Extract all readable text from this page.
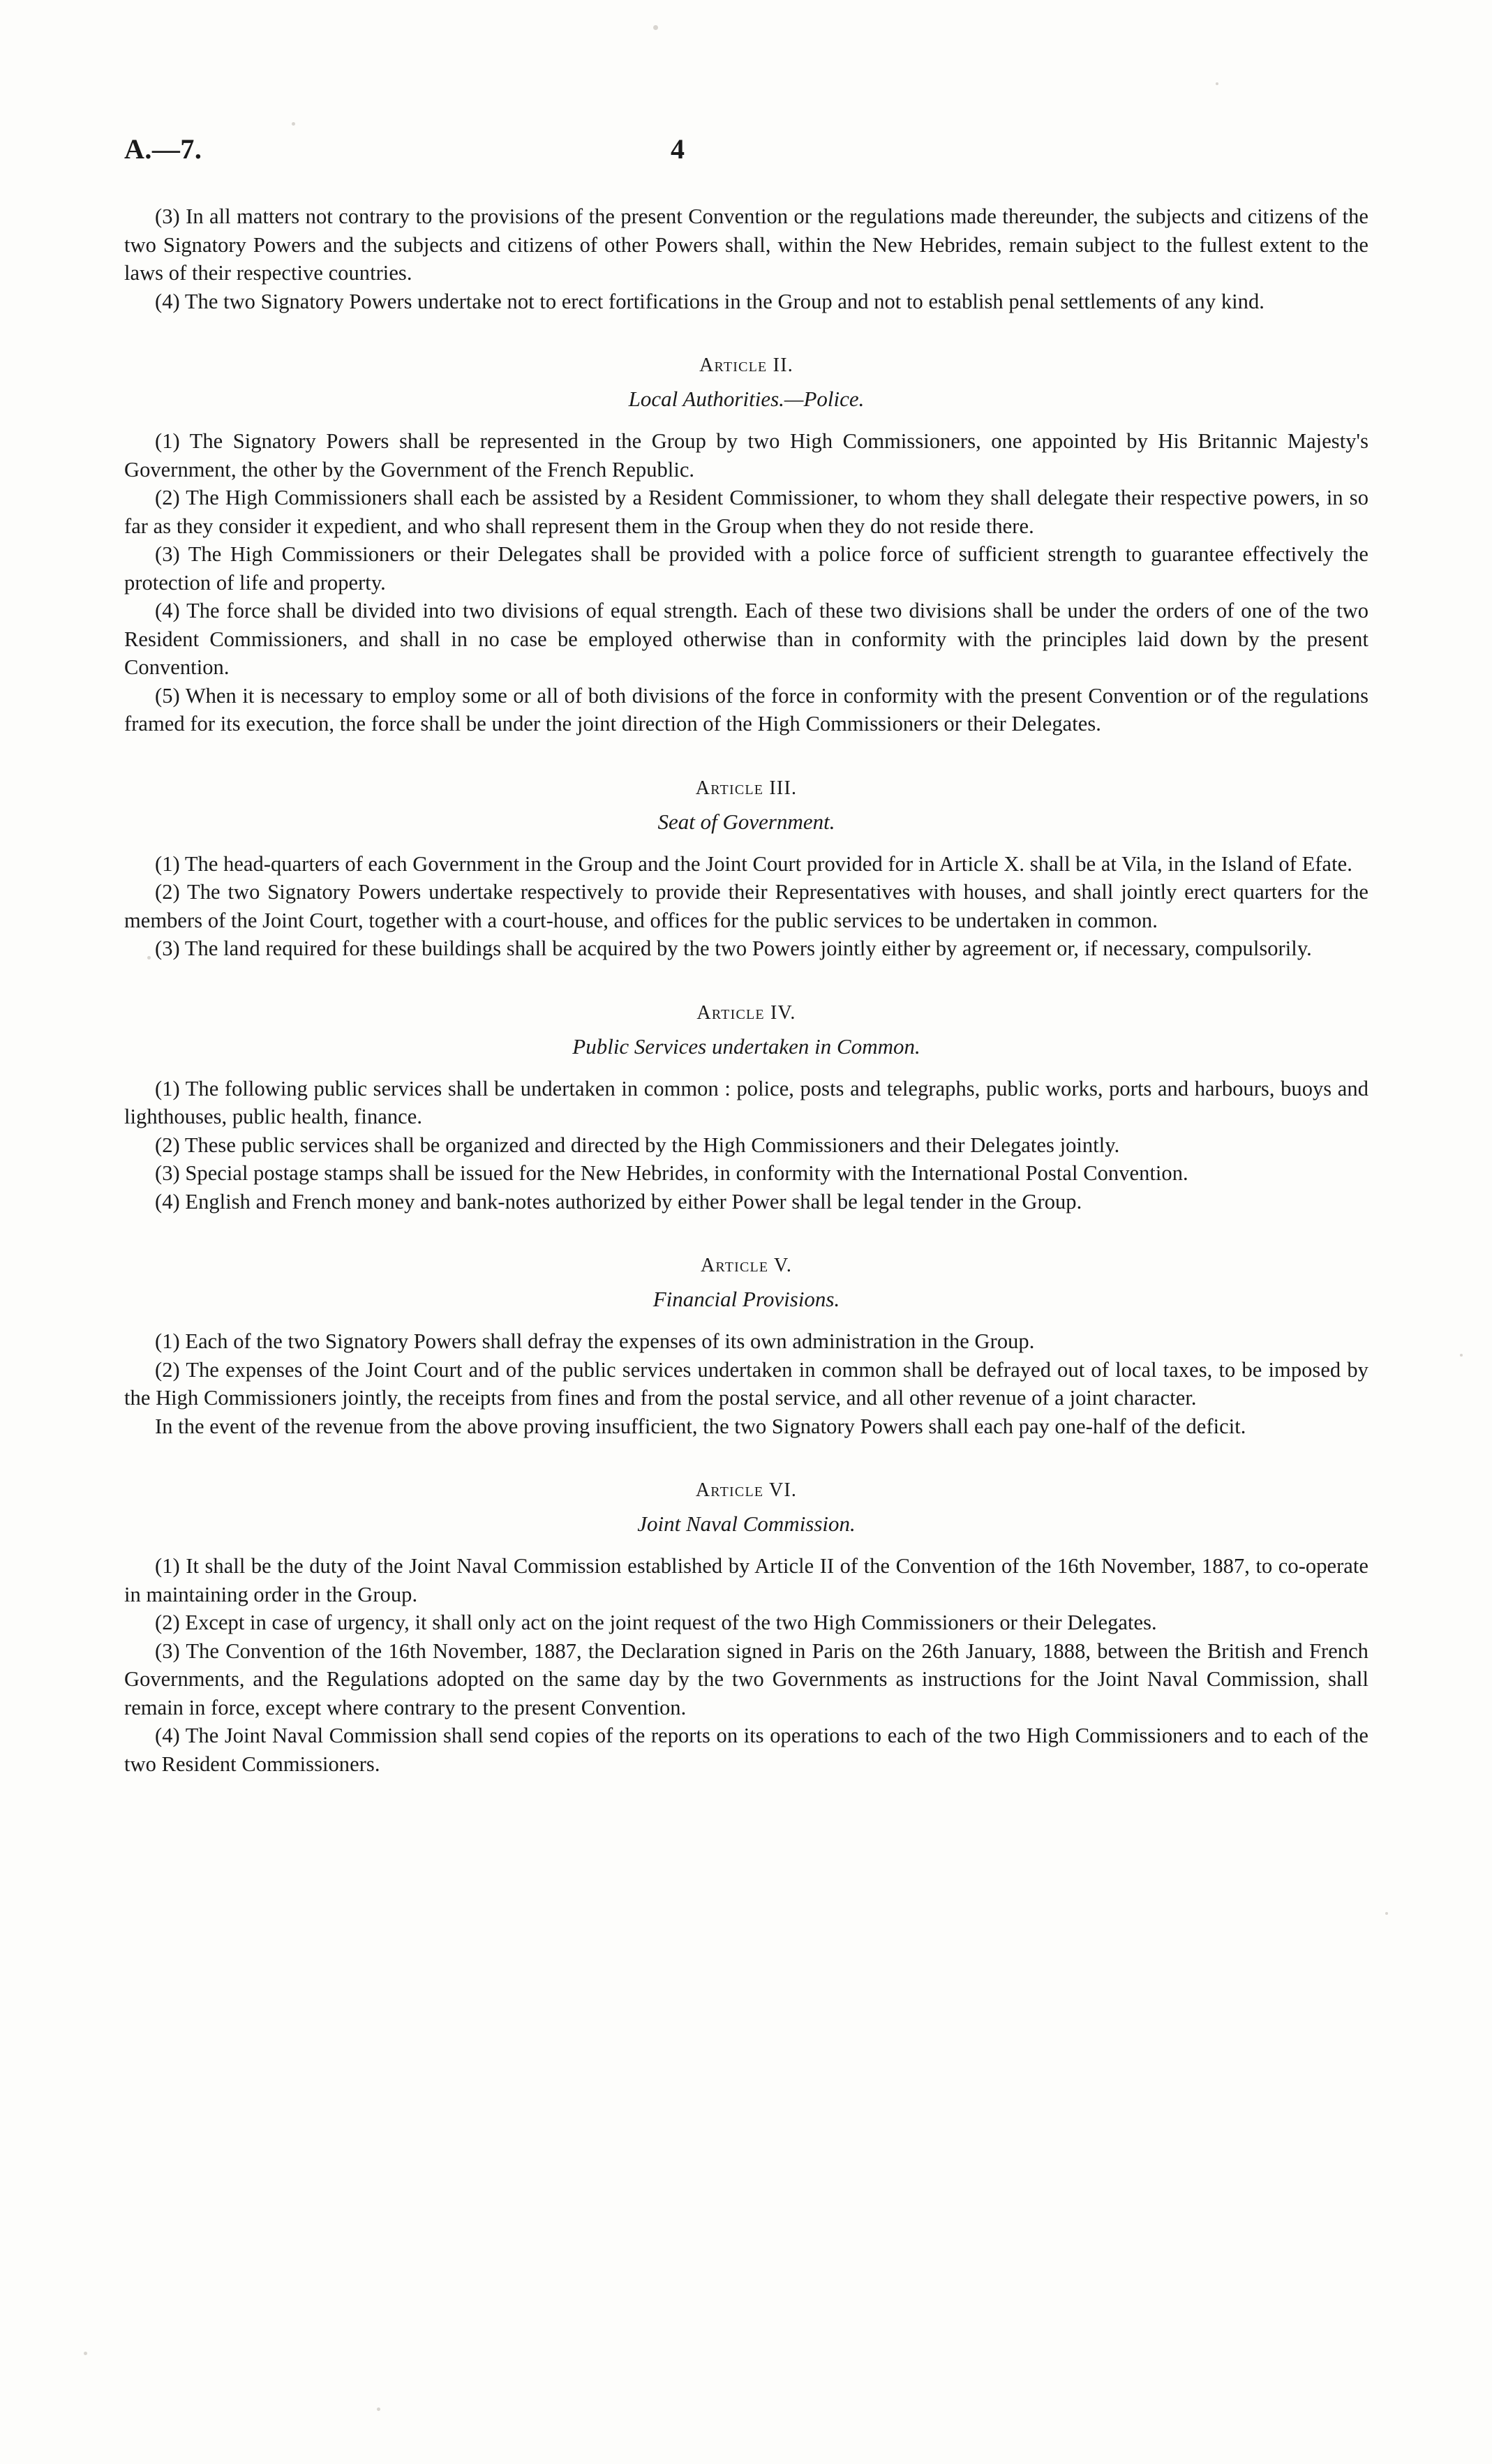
A.—7.	4

(3) In all matters not contrary to the provisions of the present Convention or the regulations made thereunder, the subjects and citizens of the two Signatory Powers and the subjects and citizens of other Powers shall, within the New Hebrides, remain subject to the fullest extent to the laws of their respective countries.

(4) The two Signatory Powers undertake not to erect fortifications in the Group and not to establish penal settlements of any kind.

Article II.

Local Authorities.—Police.

(1) The Signatory Powers shall be represented in the Group by two High Commissioners, one appointed by His Britannic Majesty's Government, the other by the Government of the French Republic.

(2) The High Commissioners shall each be assisted by a Resident Commissioner, to whom they shall delegate their respective powers, in so far as they consider it expedient, and who shall represent them in the Group when they do not reside there.

(3) The High Commissioners or their Delegates shall be provided with a police force of sufficient strength to guarantee effectively the protection of life and property.

(4) The force shall be divided into two divisions of equal strength. Each of these two divisions shall be under the orders of one of the two Resident Commissioners, and shall in no case be employed otherwise than in conformity with the principles laid down by the present Convention.

(5) When it is necessary to employ some or all of both divisions of the force in conformity with the present Convention or of the regulations framed for its execution, the force shall be under the joint direction of the High Commissioners or their Delegates.

Article III.

Seat of Government.

(1) The head-quarters of each Government in the Group and the Joint Court provided for in Article X. shall be at Vila, in the Island of Efate.

(2) The two Signatory Powers undertake respectively to provide their Representatives with houses, and shall jointly erect quarters for the members of the Joint Court, together with a court-house, and offices for the public services to be undertaken in common.

(3) The land required for these buildings shall be acquired by the two Powers jointly either by agreement or, if necessary, compulsorily.

Article IV.

Public Services undertaken in Common.

(1) The following public services shall be undertaken in common : police, posts and telegraphs, public works, ports and harbours, buoys and lighthouses, public health, finance.

(2) These public services shall be organized and directed by the High Commissioners and their Delegates jointly.

(3) Special postage stamps shall be issued for the New Hebrides, in conformity with the International Postal Convention.

(4) English and French money and bank-notes authorized by either Power shall be legal tender in the Group.

Article V.

Financial Provisions.

(1) Each of the two Signatory Powers shall defray the expenses of its own administration in the Group.

(2) The expenses of the Joint Court and of the public services undertaken in common shall be defrayed out of local taxes, to be imposed by the High Commissioners jointly, the receipts from fines and from the postal service, and all other revenue of a joint character.

In the event of the revenue from the above proving insufficient, the two Signatory Powers shall each pay one-half of the deficit.

Article VI.

Joint Naval Commission.

(1) It shall be the duty of the Joint Naval Commission established by Article II of the Convention of the 16th November, 1887, to co-operate in maintaining order in the Group.

(2) Except in case of urgency, it shall only act on the joint request of the two High Commissioners or their Delegates.

(3) The Convention of the 16th November, 1887, the Declaration signed in Paris on the 26th January, 1888, between the British and French Governments, and the Regulations adopted on the same day by the two Governments as instructions for the Joint Naval Commission, shall remain in force, except where contrary to the present Convention.

(4) The Joint Naval Commission shall send copies of the reports on its operations to each of the two High Commissioners and to each of the two Resident Commissioners.
